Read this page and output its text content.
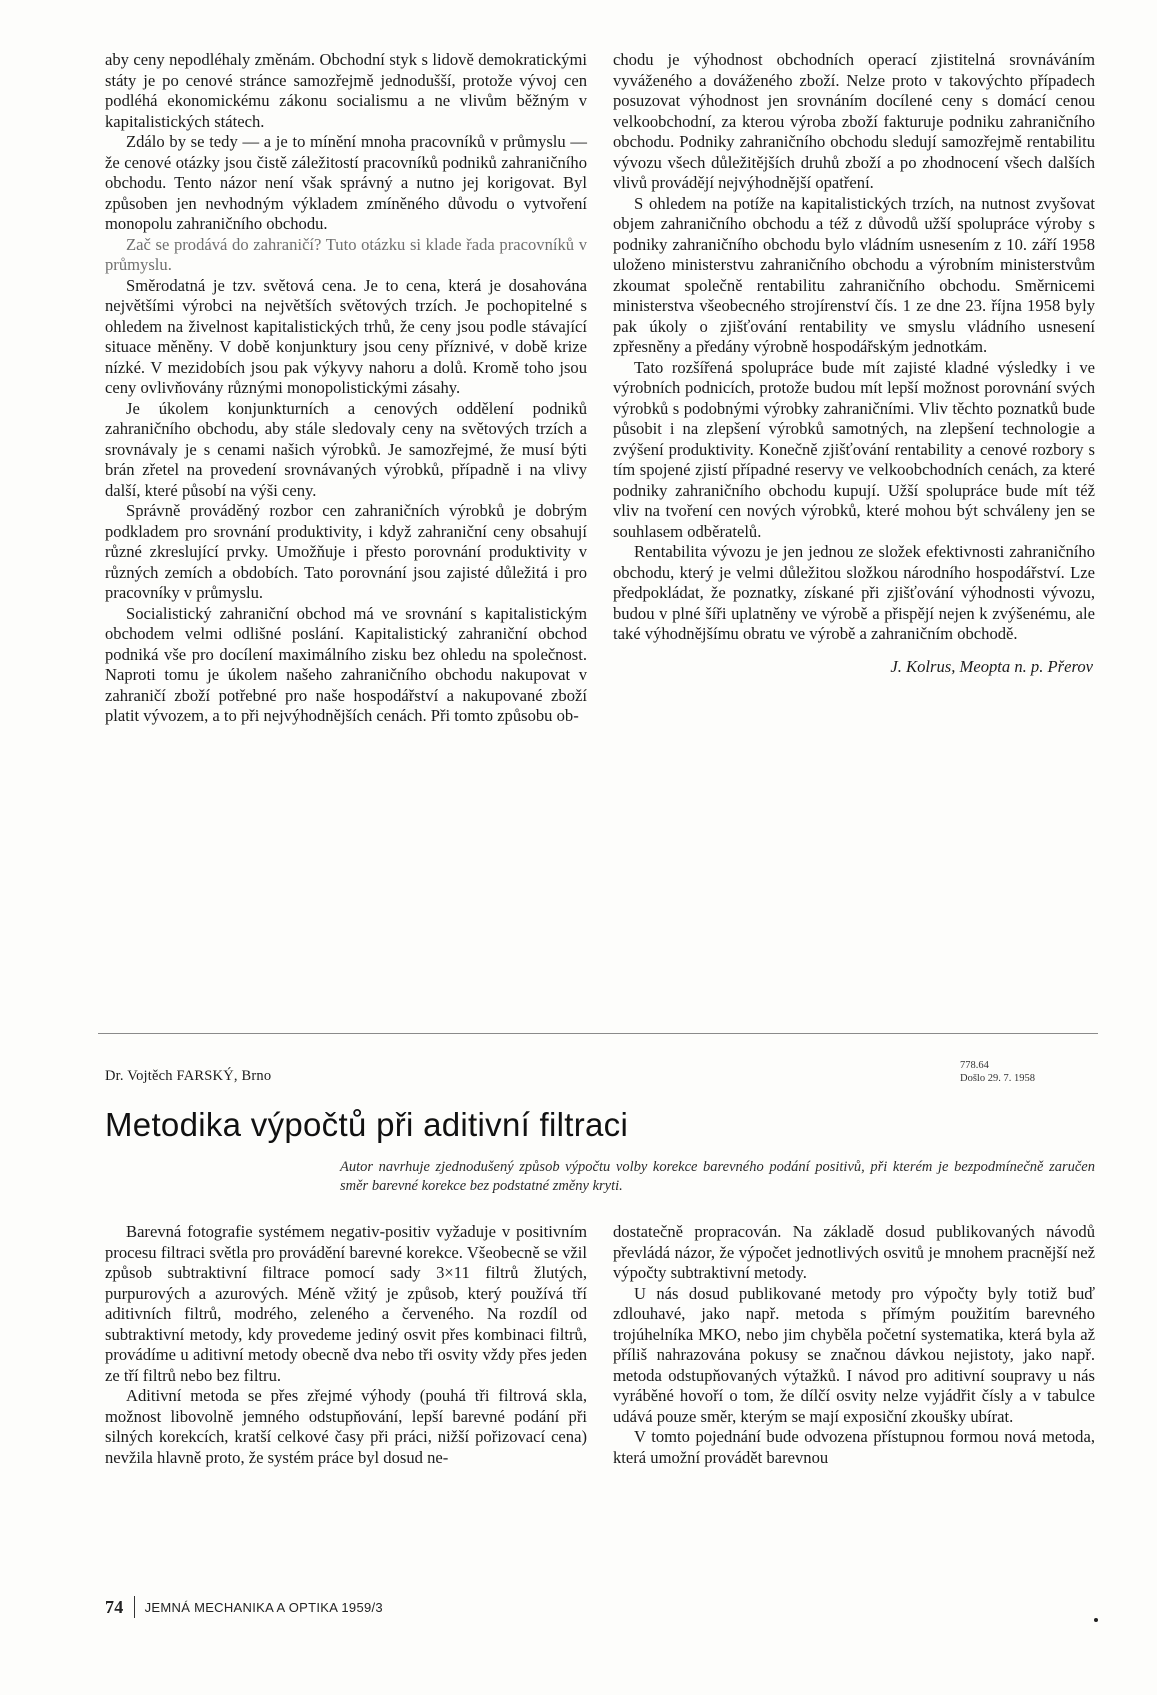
aby ceny nepodléhaly změnám. Obchodní styk s lidově demokratickými státy je po cenové stránce samozřejmě jednodušší, protože vývoj cen podléhá ekonomickému zákonu socialismu a ne vlivům běžným v kapitalistických státech.

Zdálo by se tedy — a je to mínění mnoha pracovníků v průmyslu — že cenové otázky jsou čistě záležitostí pracovníků podniků zahraničního obchodu. Tento názor není však správný a nutno jej korigovat. Byl způsoben jen nevhodným výkladem zmíněného důvodu o vytvoření monopolu zahraničního obchodu.

Zač se prodává do zahraničí? Tuto otázku si klade řada pracovníků v průmyslu.

Směrodatná je tzv. světová cena. Je to cena, která je dosahována největšími výrobci na největších světových trzích. Je pochopitelné s ohledem na živelnost kapitalistických trhů, že ceny jsou podle stávající situace měněny. V době konjunktury jsou ceny příznivé, v době krize nízké. V mezidobích jsou pak výkyvy nahoru a dolů. Kromě toho jsou ceny ovlivňovány různými monopolistickými zásahy.

Je úkolem konjunkturních a cenových oddělení podniků zahraničního obchodu, aby stále sledovaly ceny na světových trzích a srovnávaly je s cenami našich výrobků. Je samozřejmé, že musí býti brán zřetel na provedení srovnávaných výrobků, případně i na vlivy další, které působí na výši ceny.

Správně prováděný rozbor cen zahraničních výrobků je dobrým podkladem pro srovnání produktivity, i když zahraniční ceny obsahují různé zkreslující prvky. Umožňuje i přesto porovnání produktivity v různých zemích a obdobích. Tato porovnání jsou zajisté důležitá i pro pracovníky v průmyslu.

Socialistický zahraniční obchod má ve srovnání s kapitalistickým obchodem velmi odlišné poslání. Kapitalistický zahraniční obchod podniká vše pro docílení maximálního zisku bez ohledu na společnost. Naproti tomu je úkolem našeho zahraničního obchodu nakupovat v zahraničí zboží potřebné pro naše hospodářství a nakupované zboží platit vývozem, a to při nejvýhodnějších cenách. Při tomto způsobu ob-

chodu je výhodnost obchodních operací zjistitelná srovnáváním vyváženého a dováženého zboží. Nelze proto v takovýchto případech posuzovat výhodnost jen srovnáním docílené ceny s domácí cenou velkoobchodní, za kterou výroba zboží fakturuje podniku zahraničního obchodu. Podniky zahraničního obchodu sledují samozřejmě rentabilitu vývozu všech důležitějších druhů zboží a po zhodnocení všech dalších vlivů provádějí nejvýhodnější opatření.

S ohledem na potíže na kapitalistických trzích, na nutnost zvyšovat objem zahraničního obchodu a též z důvodů užší spolupráce výroby s podniky zahraničního obchodu bylo vládním usnesením z 10. září 1958 uloženo ministerstvu zahraničního obchodu a výrobním ministerstvům zkoumat společně rentabilitu zahraničního obchodu. Směrnicemi ministerstva všeobecného strojírenství čís. 1 ze dne 23. října 1958 byly pak úkoly o zjišťování rentability ve smyslu vládního usnesení zpřesněny a předány výrobně hospodářským jednotkám.

Tato rozšířená spolupráce bude mít zajisté kladné výsledky i ve výrobních podnicích, protože budou mít lepší možnost porovnání svých výrobků s podobnými výrobky zahraničními. Vliv těchto poznatků bude působit i na zlepšení výrobků samotných, na zlepšení technologie a zvýšení produktivity. Konečně zjišťování rentability a cenové rozbory s tím spojené zjistí případné reservy ve velkoobchodních cenách, za které podniky zahraničního obchodu kupují. Užší spolupráce bude mít též vliv na tvoření cen nových výrobků, které mohou být schváleny jen se souhlasem odběratelů.

Rentabilita vývozu je jen jednou ze složek efektivnosti zahraničního obchodu, který je velmi důležitou složkou národního hospodářství. Lze předpokládat, že poznatky, získané při zjišťování výhodnosti vývozu, budou v plné šíři uplatněny ve výrobě a přispějí nejen k zvýšenému, ale také výhodnějšímu obratu ve výrobě a zahraničním obchodě.

J. Kolrus, Meopta n. p. Přerov

Dr. Vojtěch FARSKÝ, Brno
778.64
Došlo 29. 7. 1958
Metodika výpočtů při aditivní filtraci
Autor navrhuje zjednodušený způsob výpočtu volby korekce barevného podání positivů, při kterém je bezpodmínečně zaručen směr barevné korekce bez podstatné změny kryti.

Barevná fotografie systémem negativ-positiv vyžaduje v positivním procesu filtraci světla pro provádění barevné korekce. Všeobecně se vžil způsob subtraktivní filtrace pomocí sady 3×11 filtrů žlutých, purpurových a azurových. Méně vžitý je způsob, který používá tří aditivních filtrů, modrého, zeleného a červeného. Na rozdíl od subtraktivní metody, kdy provedeme jediný osvit přes kombinaci filtrů, provádíme u aditivní metody obecně dva nebo tři osvity vždy přes jeden ze tří filtrů nebo bez filtru.

Aditivní metoda se přes zřejmé výhody (pouhá tři filtrová skla, možnost libovolně jemného odstupňování, lepší barevné podání při silných korekcích, kratší celkové časy při práci, nižší pořizovací cena) nevžila hlavně proto, že systém práce byl dosud ne-

dostatečně propracován. Na základě dosud publikovaných návodů převládá názor, že výpočet jednotlivých osvitů je mnohem pracnější než výpočty subtraktivní metody.

U nás dosud publikované metody pro výpočty byly totiž buď zdlouhavé, jako např. metoda s přímým použitím barevného trojúhelníka MKO, nebo jim chyběla početní systematika, která byla až příliš nahrazována pokusy se značnou dávkou nejistoty, jako např. metoda odstupňovaných výtažků. I návod pro aditivní soupravy u nás vyráběné hovoří o tom, že dílčí osvity nelze vyjádřit čísly a v tabulce udává pouze směr, kterým se mají exposiční zkoušky ubírat.

V tomto pojednání bude odvozena přístupnou formou nová metoda, která umožní provádět barevnou

74 JEMNÁ MECHANIKA A OPTIKA 1959/3
